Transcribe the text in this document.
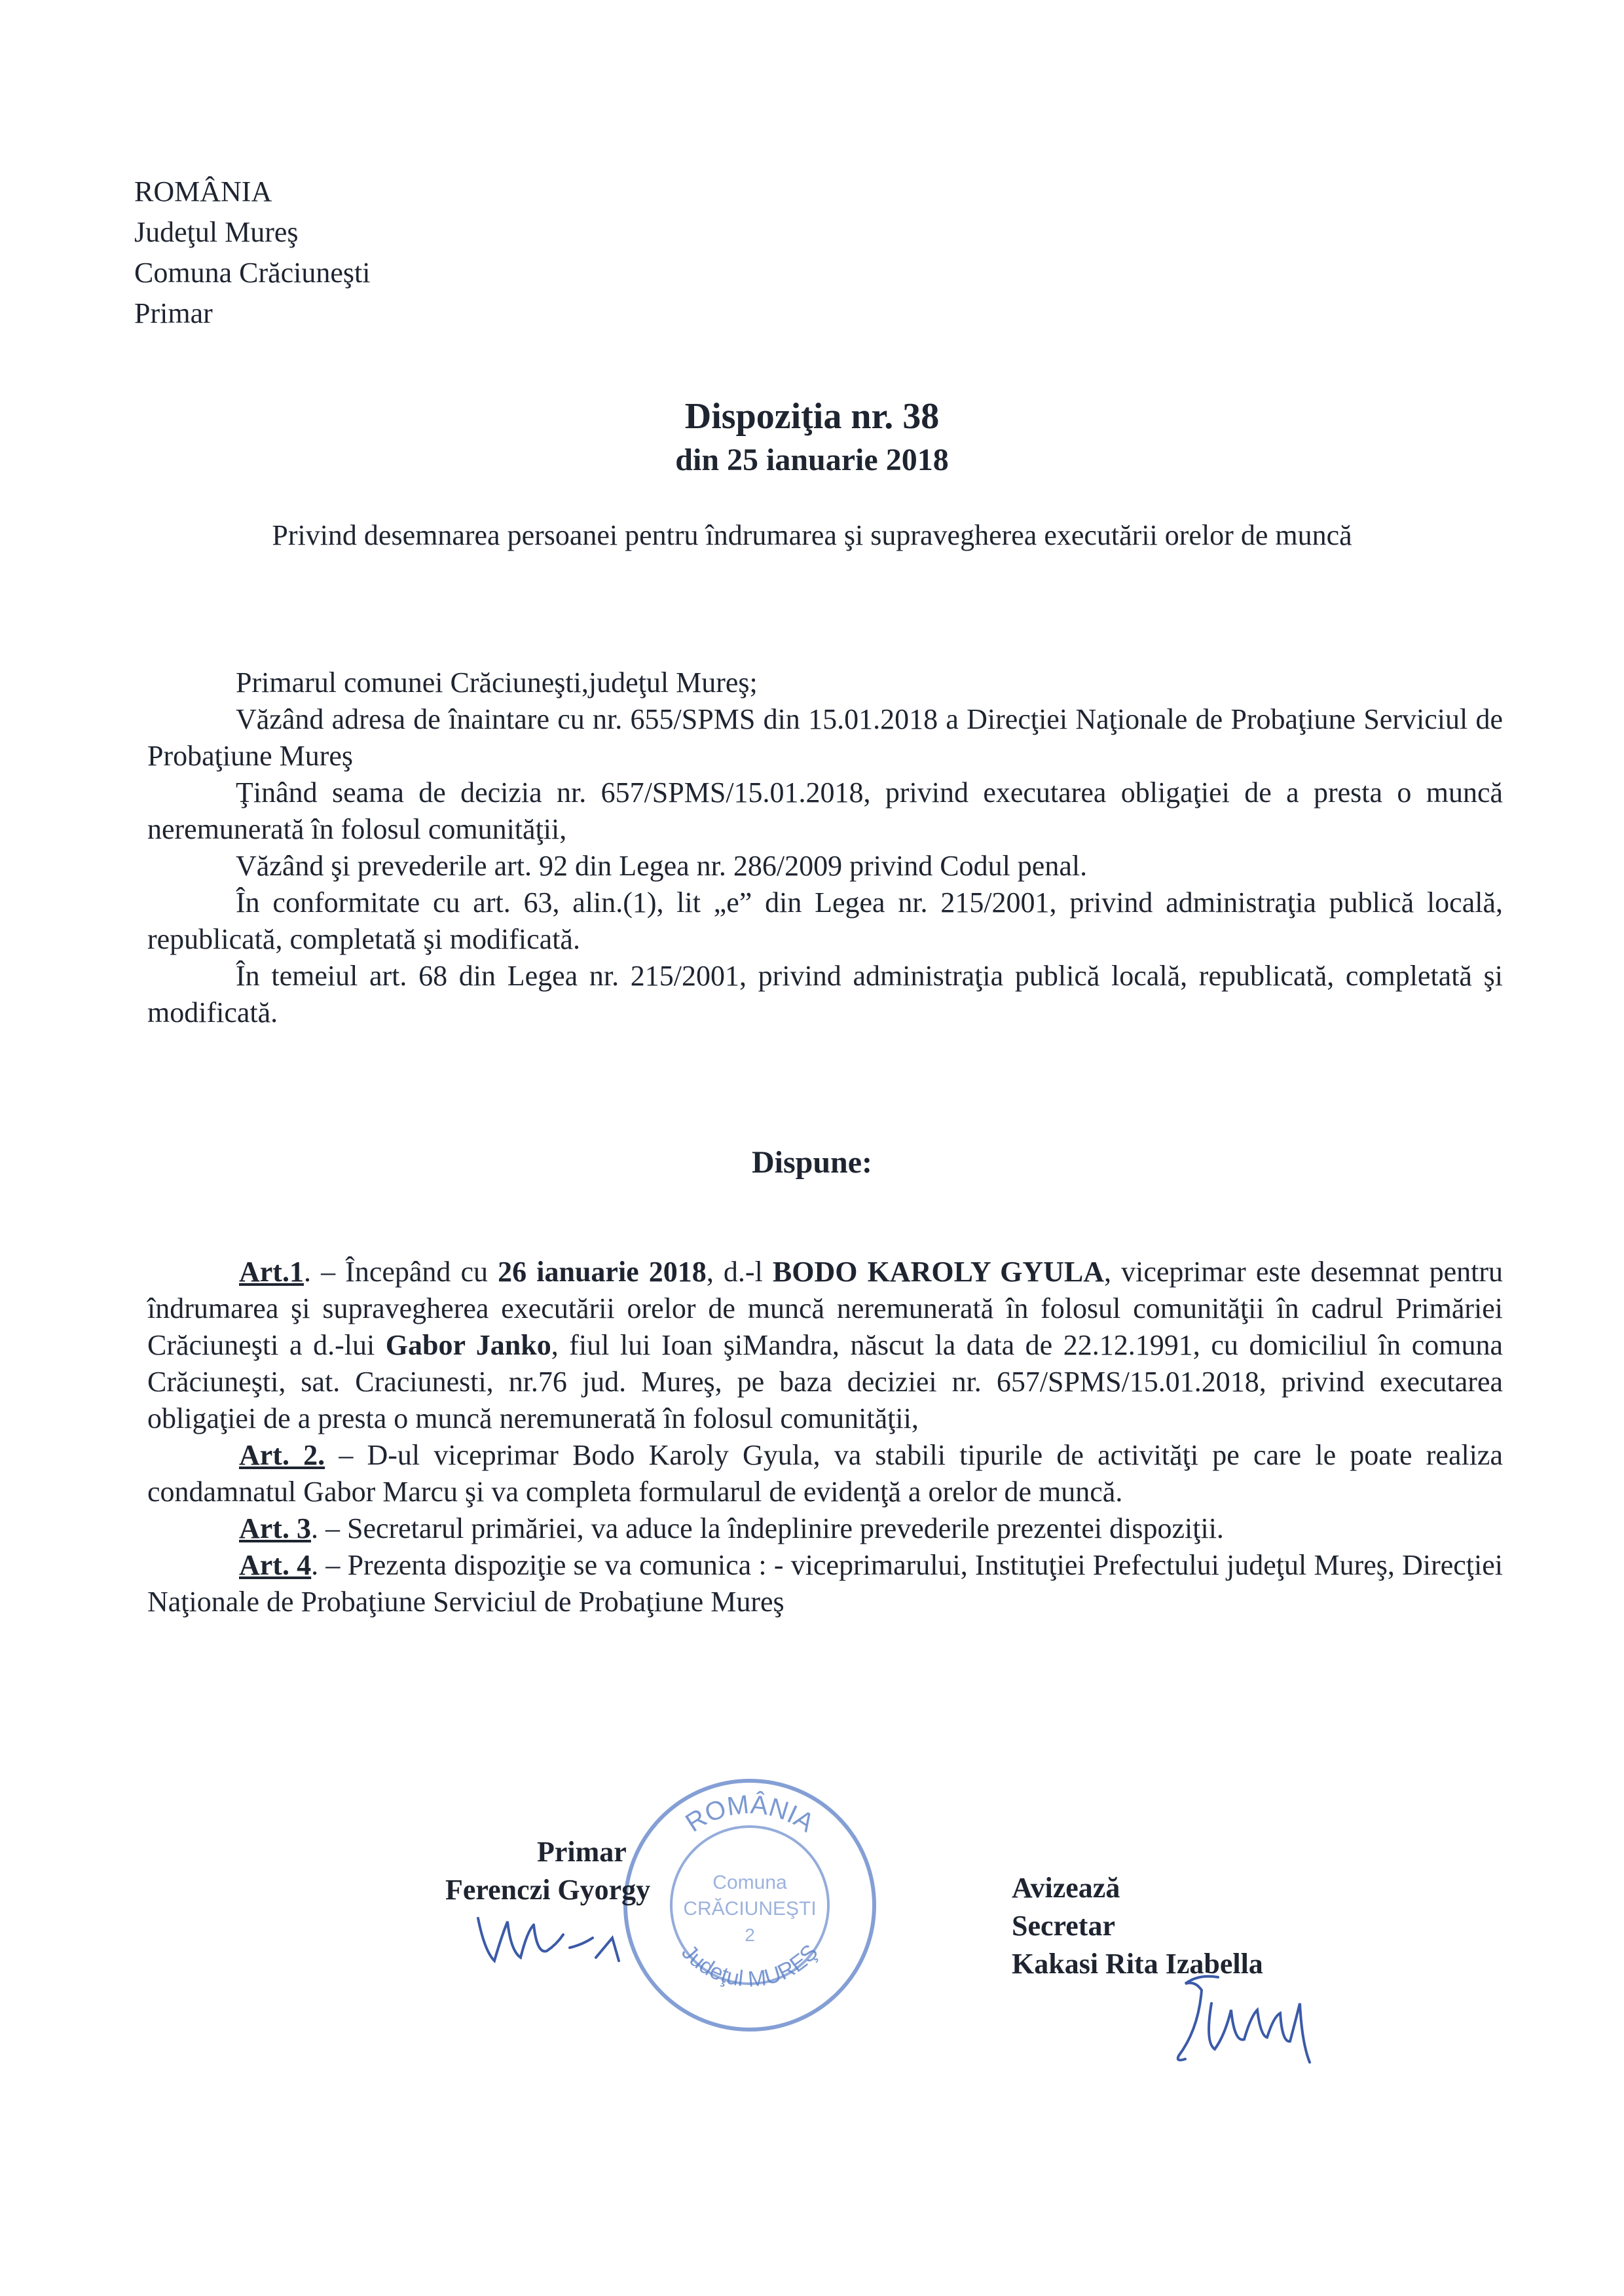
ROMÂNIA
Judeţul Mureş
Comuna Crăciuneşti
Primar
Dispoziţia nr. 38
din 25 ianuarie 2018
Privind desemnarea persoanei pentru îndrumarea şi supravegherea executării orelor de muncă

Primarul comunei Crăciuneşti,judeţul Mureş;

Văzând adresa de înaintare cu nr. 655/SPMS din 15.01.2018 a Direcţiei Naţionale de Probaţiune Serviciul de Probaţiune Mureş

Ţinând seama de decizia nr. 657/SPMS/15.01.2018, privind executarea obligaţiei de a presta o muncă neremunerată în folosul comunităţii,

Văzând şi prevederile art. 92 din Legea nr. 286/2009 privind Codul penal.

În conformitate cu art. 63, alin.(1), lit „e” din Legea nr. 215/2001, privind administraţia publică locală, republicată, completată şi modificată.

În temeiul art. 68 din Legea nr. 215/2001, privind administraţia publică locală, republicată, completată şi modificată.

Dispune:

Art.1. – Începând cu 26 ianuarie 2018, d.-l BODO KAROLY GYULA, viceprimar este desemnat pentru îndrumarea şi supravegherea executării orelor de muncă neremunerată în folosul comunităţii în cadrul Primăriei Crăciuneşti a d.-lui Gabor Janko, fiul lui Ioan şiMandra, născut la data de 22.12.1991, cu domiciliul în comuna Crăciuneşti, sat. Craciunesti, nr.76 jud. Mureş, pe baza deciziei nr. 657/SPMS/15.01.2018, privind executarea obligaţiei de a presta o muncă neremunerată în folosul comunităţii,

Art. 2. – D-ul viceprimar Bodo Karoly Gyula, va stabili tipurile de activităţi pe care le poate realiza condamnatul Gabor Marcu şi va completa formularul de evidenţă a orelor de muncă.

Art. 3. – Secretarul primăriei, va aduce la îndeplinire prevederile prezentei dispoziţii.

Art. 4. – Prezenta dispoziţie se va comunica : - viceprimarului, Instituţiei Prefectului judeţul Mureş, Direcţiei Naţionale de Probaţiune Serviciul de Probaţiune Mureş

ROMÂNIA
Judeţul MUREŞ
Comuna
CRĂCIUNEŞTI
2
Primar
Ferenczi Gyorgy	Avizează
Secretar
Kakasi Rita Izabella
